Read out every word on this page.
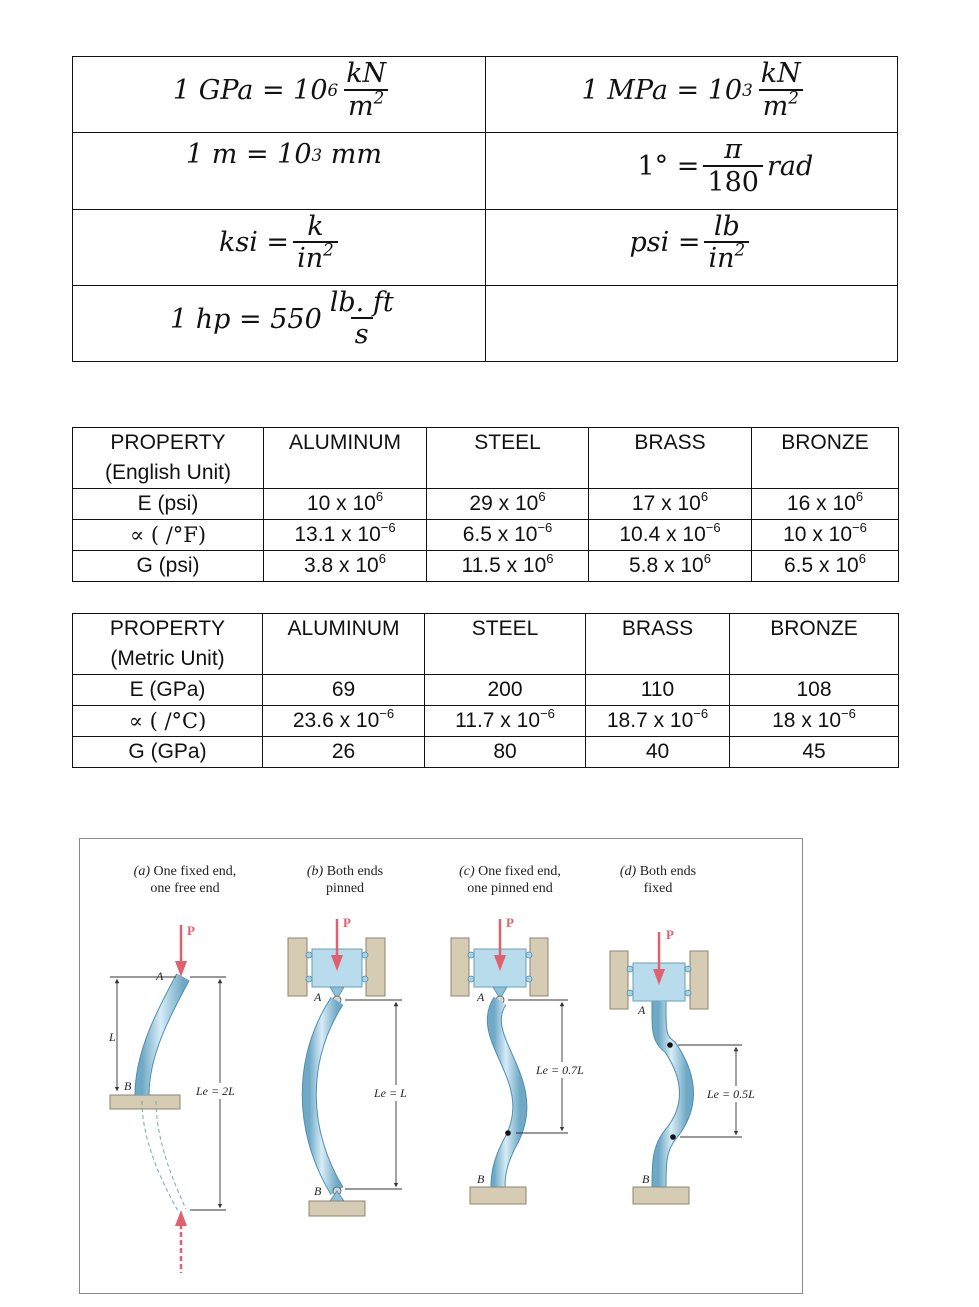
1 GPa = 10 $6 \frac{kN}{m^2}$	1 MPa = 10 $3 \frac{kN}{m^2}$

1 m = 10 3 mm	$1^\circ = \frac{\pi}{180}$ rad

ksi = $\frac{k}{in^2}$	psi = $\frac{lb}{in^2}$

1 hp = $550 \frac{lb. ft}{s}$

PROPERTY
(English Unit)	ALUMINUM	STEEL	BRASS	BRONZE
E (psi)	10 x $10^6$	29 x $10^6$	17 x $10^6$	16 x $10^6$
∝ ( /°F)	13.1 x $10^{-6}$	6.5 x $10^{-6}$	10.4 x $10^{-6}$	10 x $10^{-6}$
G (psi)	3.8 x $10^6$	11.5 x $10^6$	5.8 x $10^6$	6.5 x $10^6$
PROPERTY
(Metric Unit)	ALUMINUM	STEEL	BRASS	BRONZE
E (GPa)	69	200	110	108
∝ ( /°C)	23.6 x $10^{-6}$	11.7 x $10^{-6}$	18.7 x $10^{-6}$	18 x $10^{-6}$
G (GPa)	26	80	40	45
(a) One fixed end,
one free end
(b) Both ends
pinned
(c) One fixed end,
one pinned end
(d) Both ends
fixed
P
L
A
B	Le = 2L
P
A
B
Le = L
P
A
B
Le = 0.7L
P
A
B
Le = 0.5L
